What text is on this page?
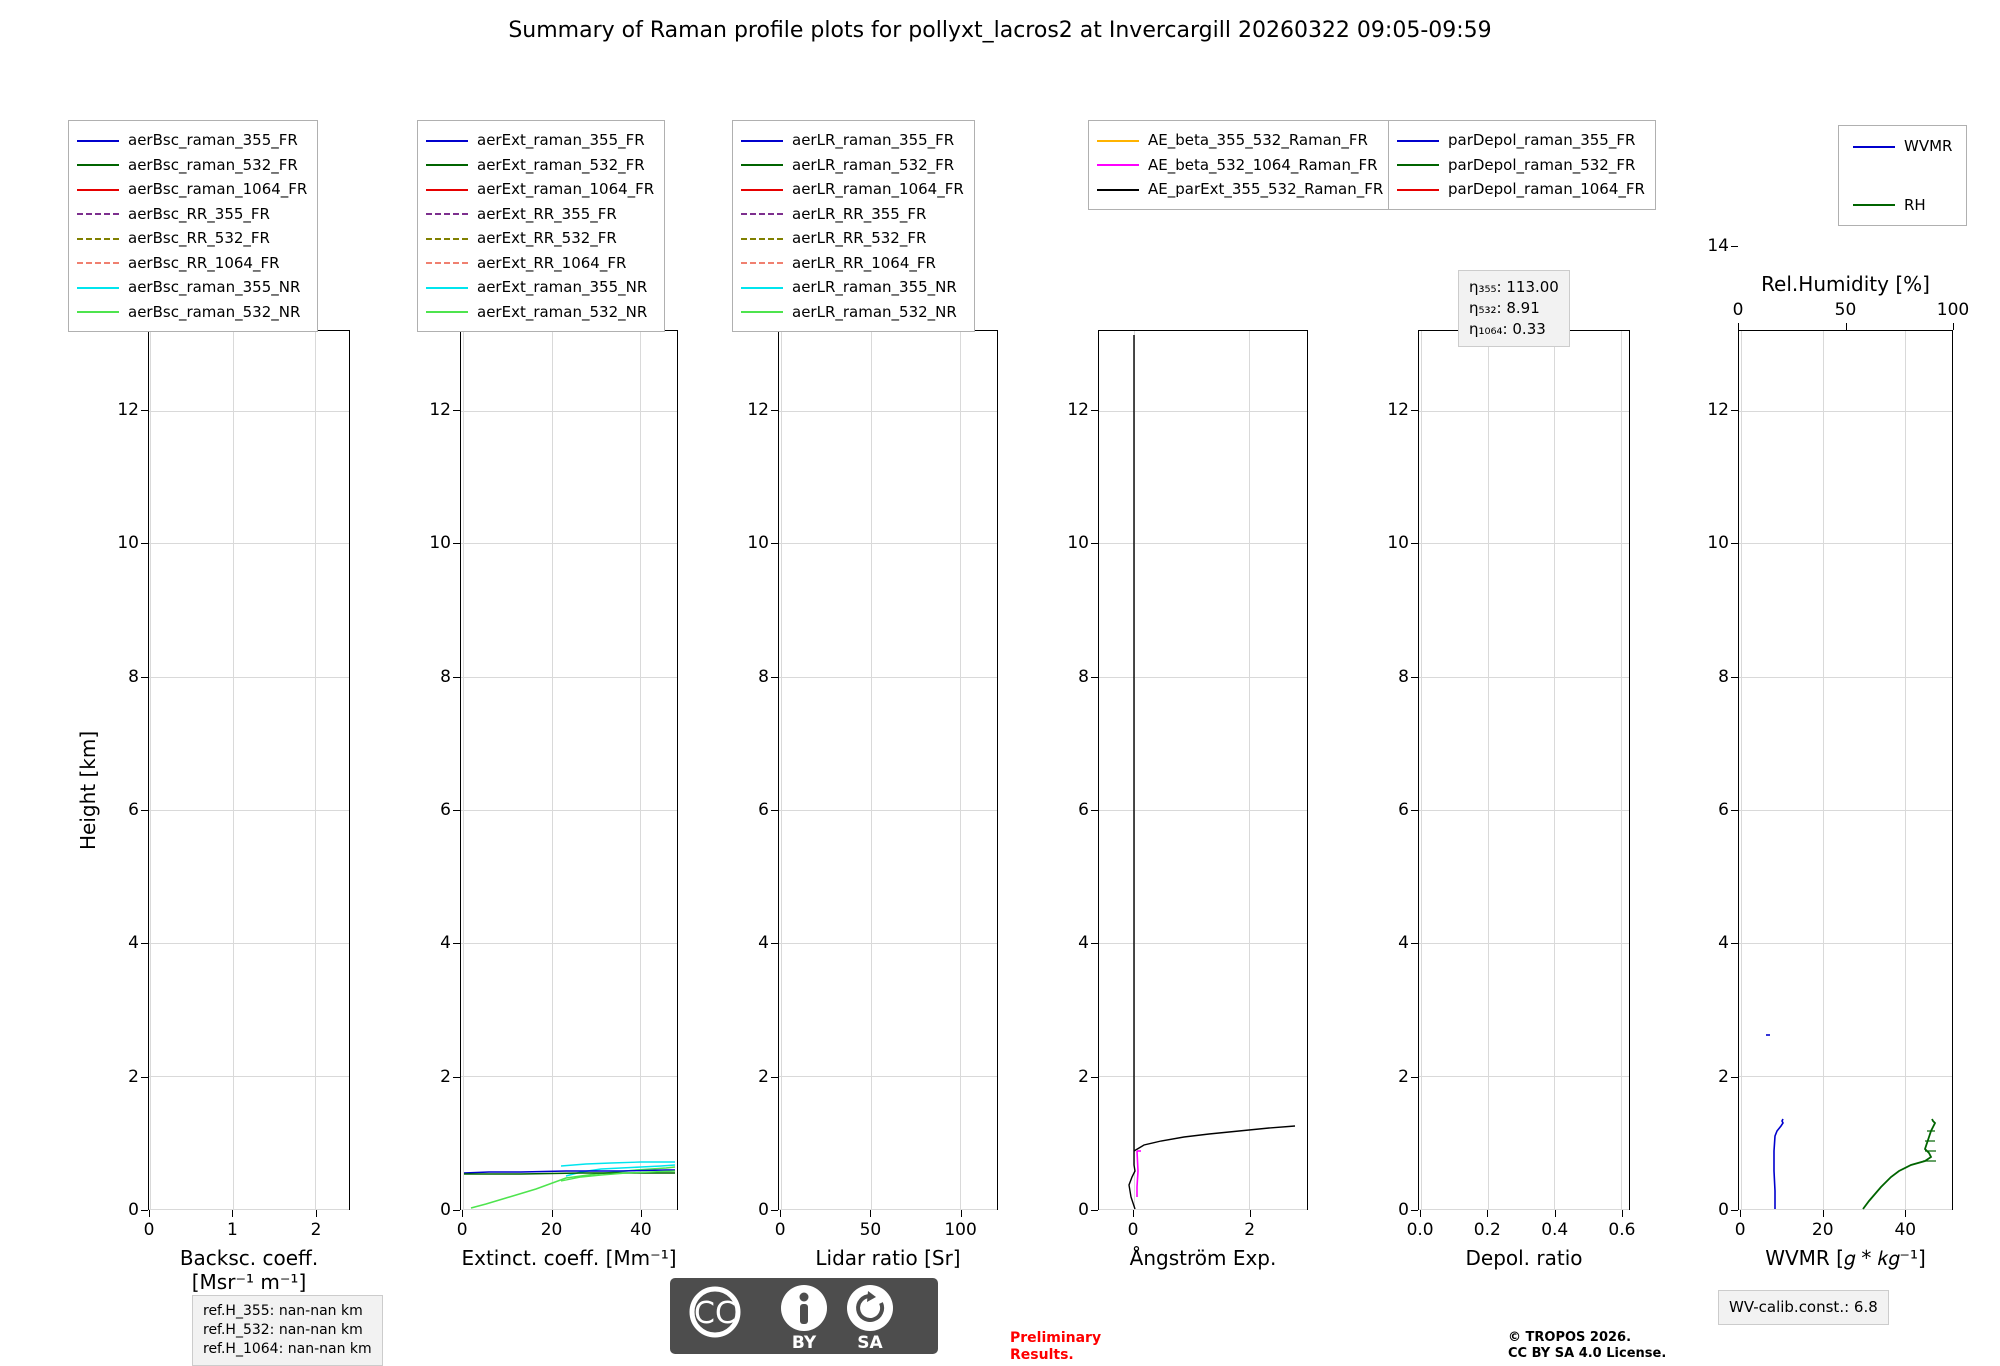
Summary of Raman profile plots for pollyxt_lacros2 at Invercargill 20260322 09:05-09:59
0
2
4
6
8
10
12
0	1	2
Backsc. coeff. [Msr⁻¹ m⁻¹]
Height [km]
	aerBsc_raman_355_FR
	aerBsc_raman_532_FR
	aerBsc_raman_1064_FR
	aerBsc_RR_355_FR
	aerBsc_RR_532_FR
	aerBsc_RR_1064_FR
	aerBsc_raman_355_NR
	aerBsc_raman_532_NR
0
2
4
6
8
10
12
0	20	40
Extinct. coeff. [Mm⁻¹]
	aerExt_raman_355_FR
	aerExt_raman_532_FR
	aerExt_raman_1064_FR
	aerExt_RR_355_FR
	aerExt_RR_532_FR
	aerExt_RR_1064_FR
	aerExt_raman_355_NR
	aerExt_raman_532_NR
0
2
4
6
8
10
12
0	50	100
Lidar ratio [Sr]
	aerLR_raman_355_FR
	aerLR_raman_532_FR
	aerLR_raman_1064_FR
	aerLR_RR_355_FR
	aerLR_RR_532_FR
	aerLR_RR_1064_FR
	aerLR_raman_355_NR
	aerLR_raman_532_NR
0
2
4
6
8
10
12
0	2
Ångström Exp.
	AE_beta_355_532_Raman_FR
	AE_beta_532_1064_Raman_FR
	AE_parExt_355_532_Raman_FR
0
2
4
6
8
10
12
0.0 0.2 0.4 0.6
Depol. ratio
	parDepol_raman_355_FR
	parDepol_raman_532_FR
	parDepol_raman_1064_FR
η₃₅₅: 113.00
η₅₃₂: 8.91
η₁₀₆₄: 0.33
0
2
4
6
8
10
12
14
0	20	40
WVMR [𝑔 * 𝑘𝑔⁻¹]
0	50	100
Rel.Humidity [%]
	WVMR

	RH
WV-calib.const.: 6.8
ref.H_355: nan-nan km
ref.H_532: nan-nan km
ref.H_1064: nan-nan km
CC
BY SA	Preliminary
Results.
© TROPOS 2026.
CC BY SA 4.0 License.
